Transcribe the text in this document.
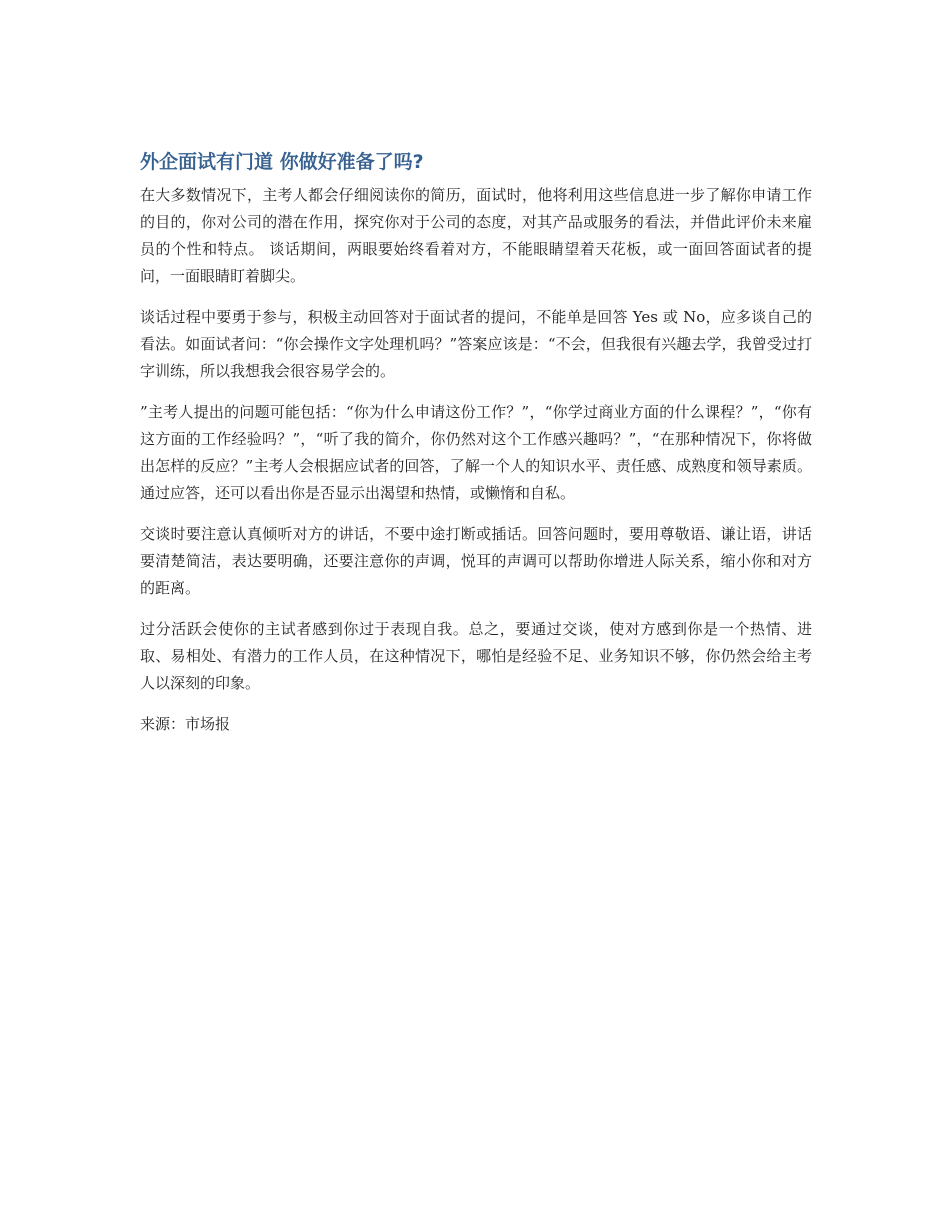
外企面试有门道 你做好准备了吗?

在大多数情况下，主考人都会仔细阅读你的简历，面试时，他将利用这些信息进一步了解你申请工作的目的，你对公司的潜在作用，探究你对于公司的态度，对其产品或服务的看法，并借此评价未来雇员的个性和特点。 谈话期间，两眼要始终看着对方，不能眼睛望着天花板，或一面回答面试者的提问，一面眼睛盯着脚尖。

谈话过程中要勇于参与，积极主动回答对于面试者的提问，不能单是回答 Yes 或 No，应多谈自己的看法。如面试者问：“你会操作文字处理机吗？”答案应该是：“不会，但我很有兴趣去学，我曾受过打字训练，所以我想我会很容易学会的。

”主考人提出的问题可能包括：“你为什么申请这份工作？”，“你学过商业方面的什么课程？”，“你有这方面的工作经验吗？”，“听了我的简介，你仍然对这个工作感兴趣吗？”，“在那种情况下，你将做出怎样的反应？”主考人会根据应试者的回答，了解一个人的知识水平、责任感、成熟度和领导素质。通过应答，还可以看出你是否显示出渴望和热情，或懒惰和自私。

交谈时要注意认真倾听对方的讲话，不要中途打断或插话。回答问题时，要用尊敬语、谦让语，讲话要清楚简洁，表达要明确，还要注意你的声调，悦耳的声调可以帮助你增进人际关系，缩小你和对方的距离。

过分活跃会使你的主试者感到你过于表现自我。总之，要通过交谈，使对方感到你是一个热情、进取、易相处、有潜力的工作人员，在这种情况下，哪怕是经验不足、业务知识不够，你仍然会给主考人以深刻的印象。

来源：市场报
